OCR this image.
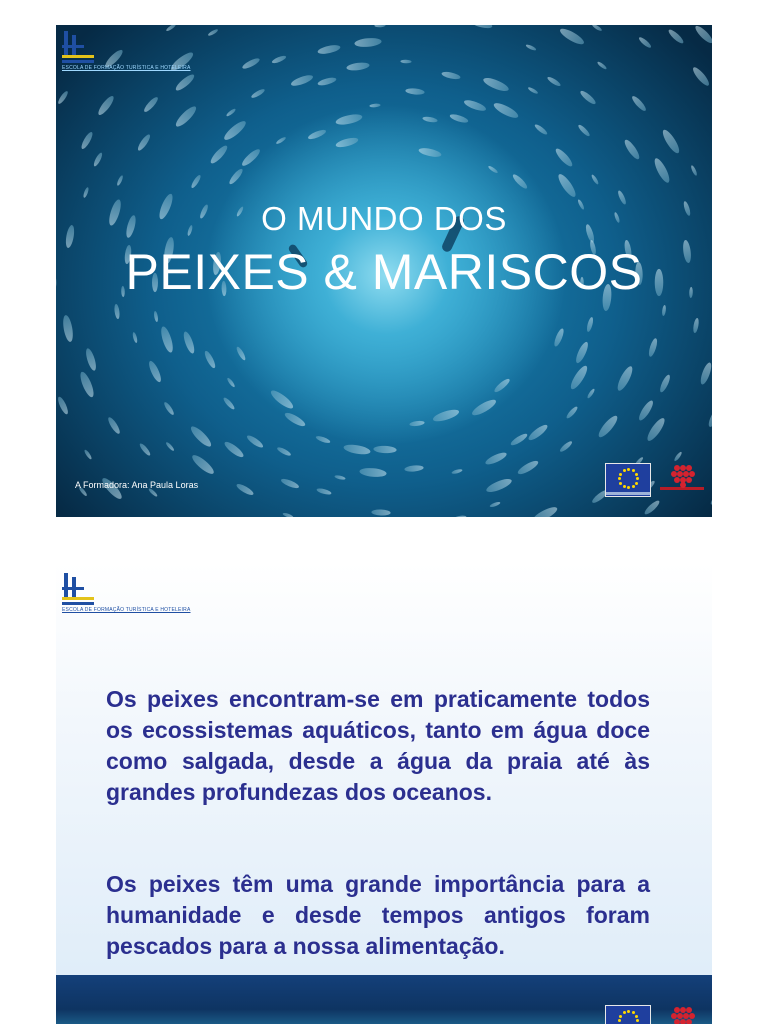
ESCOLA DE FORMAÇÃO TURÍSTICA E HOTELEIRA
O MUNDO DOS
PEIXES & MARISCOS
A Formadora: Ana Paula Loras
ESCOLA DE FORMAÇÃO TURÍSTICA E HOTELEIRA
Os peixes encontram-se em praticamente todos os ecossistemas aquáticos, tanto em água doce como salgada, desde a água da praia até às grandes profundezas dos oceanos.
Os peixes têm uma grande importância para a humanidade e desde tempos antigos foram pescados para a nossa alimentação.
